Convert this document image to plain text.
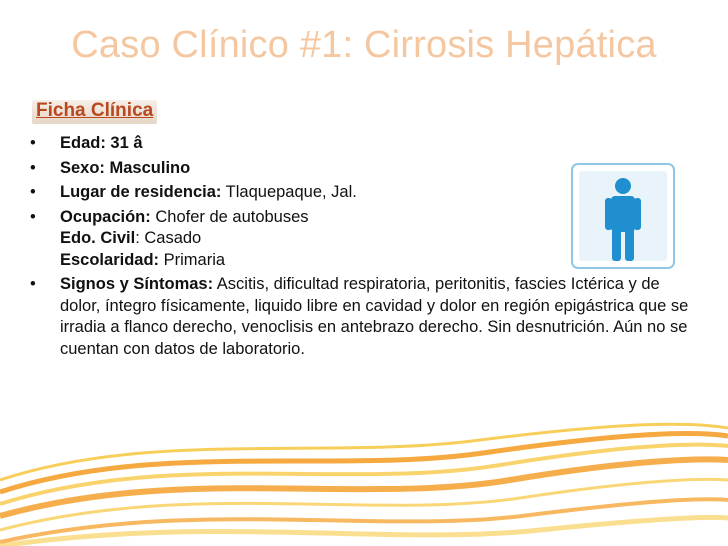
Caso Clínico #1: Cirrosis Hepática
Ficha Clínica
• Edad: 31 â
• Sexo: Masculino
• Lugar de residencia: Tlaquepaque, Jal.
• Ocupación: Chofer de autobuses
Edo. Civil: Casado
Escolaridad: Primaria
• Signos y Síntomas: Ascitis, dificultad respiratoria, peritonitis, fascies Ictérica y de dolor, íntegro físicamente, liquido libre en cavidad y dolor en región epigástrica que se irradia a flanco derecho, venoclisis en antebrazo derecho. Sin desnutrición. Aún no se cuentan con datos de laboratorio.
